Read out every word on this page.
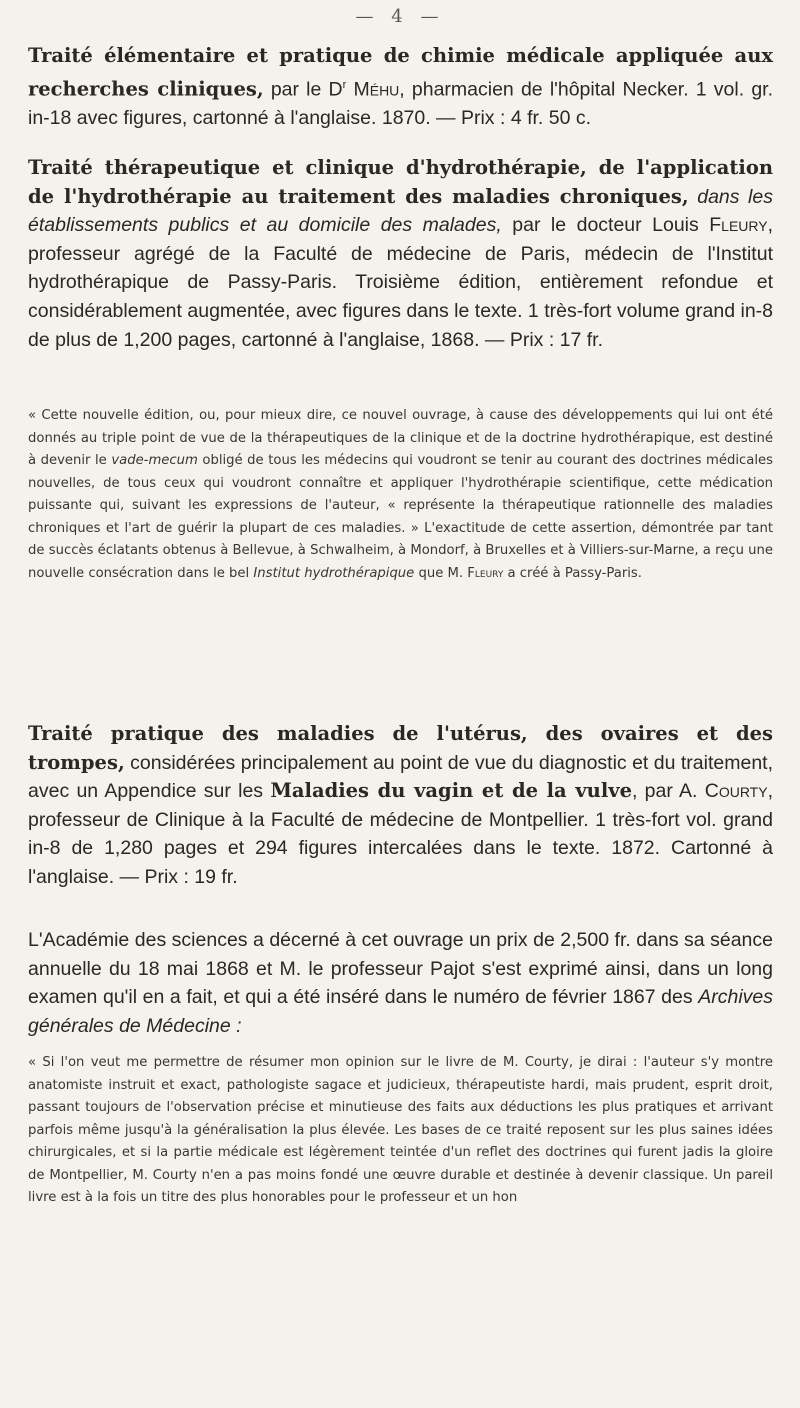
— 4 —
Traité élémentaire et pratique de chimie médicale appliquée aux recherches cliniques, par le $D^r$ Méhu, pharmacien de l'hôpital Necker. 1 vol. gr. in-18 avec figures, cartonné à l'anglaise. 1870. — Prix : 4 fr. 50 c.
Traité thérapeutique et clinique d'hydrothérapie, de l'application de l'hydrothérapie au traitement des maladies chroniques, dans les établissements publics et au domicile des malades, par le docteur Louis Fleury, professeur agrégé de la Faculté de médecine de Paris, médecin de l'Institut hydrothérapique de Passy-Paris. Troisième édition, entièrement refondue et considérablement augmentée, avec figures dans le texte. 1 très-fort volume grand in-8 de plus de 1,200 pages, cartonné à l'anglaise, 1868. — Prix : 17 fr.
« Cette nouvelle édition, ou, pour mieux dire, ce nouvel ouvrage, à cause des développements qui lui ont été donnés au triple point de vue de la thérapeutiques de la clinique et de la doctrine hydrothérapique, est destiné à devenir le vade-mecum obligé de tous les médecins qui voudront se tenir au courant des doctrines médicales nouvelles, de tous ceux qui voudront connaître et appliquer l'hydrothérapie scientifique, cette médication puissante qui, suivant les expressions de l'auteur, « représente la thérapeutique rationnelle des maladies chroniques et l'art de guérir la plupart de ces maladies. » L'exactitude de cette assertion, démontrée par tant de succès éclatants obtenus à Bellevue, à Schwalheim, à Mondorf, à Bruxelles et à Villiers-sur-Marne, a reçu une nouvelle consécration dans le bel Institut hydrothérapique que M. Fleury a créé à Passy-Paris.
Traité pratique des maladies de l'utérus, des ovaires et des trompes, considérées principalement au point de vue du diagnostic et du traitement, avec un Appendice sur les Maladies du vagin et de la vulve, par A. Courty, professeur de Clinique à la Faculté de médecine de Montpellier. 1 très-fort vol. grand in-8 de 1,280 pages et 294 figures intercalées dans le texte. 1872. Cartonné à l'anglaise. — Prix : 19 fr.
L'Académie des sciences a décerné à cet ouvrage un prix de 2,500 fr. dans sa séance annuelle du 18 mai 1868 et M. le professeur Pajot s'est exprimé ainsi, dans un long examen qu'il en a fait, et qui a été inséré dans le numéro de février 1867 des Archives générales de Médecine :
« Si l'on veut me permettre de résumer mon opinion sur le livre de M. Courty, je dirai : l'auteur s'y montre anatomiste instruit et exact, pathologiste sagace et judicieux, thérapeutiste hardi, mais prudent, esprit droit, passant toujours de l'observation précise et minutieuse des faits aux déductions les plus pratiques et arrivant parfois même jusqu'à la généralisation la plus élevée. Les bases de ce traité reposent sur les plus saines idées chirurgicales, et si la partie médicale est légèrement teintée d'un reflet des doctrines qui furent jadis la gloire de Montpellier, M. Courty n'en a pas moins fondé une œuvre durable et destinée à devenir classique. Un pareil livre est à la fois un titre des plus honorables pour le professeur et un hon
